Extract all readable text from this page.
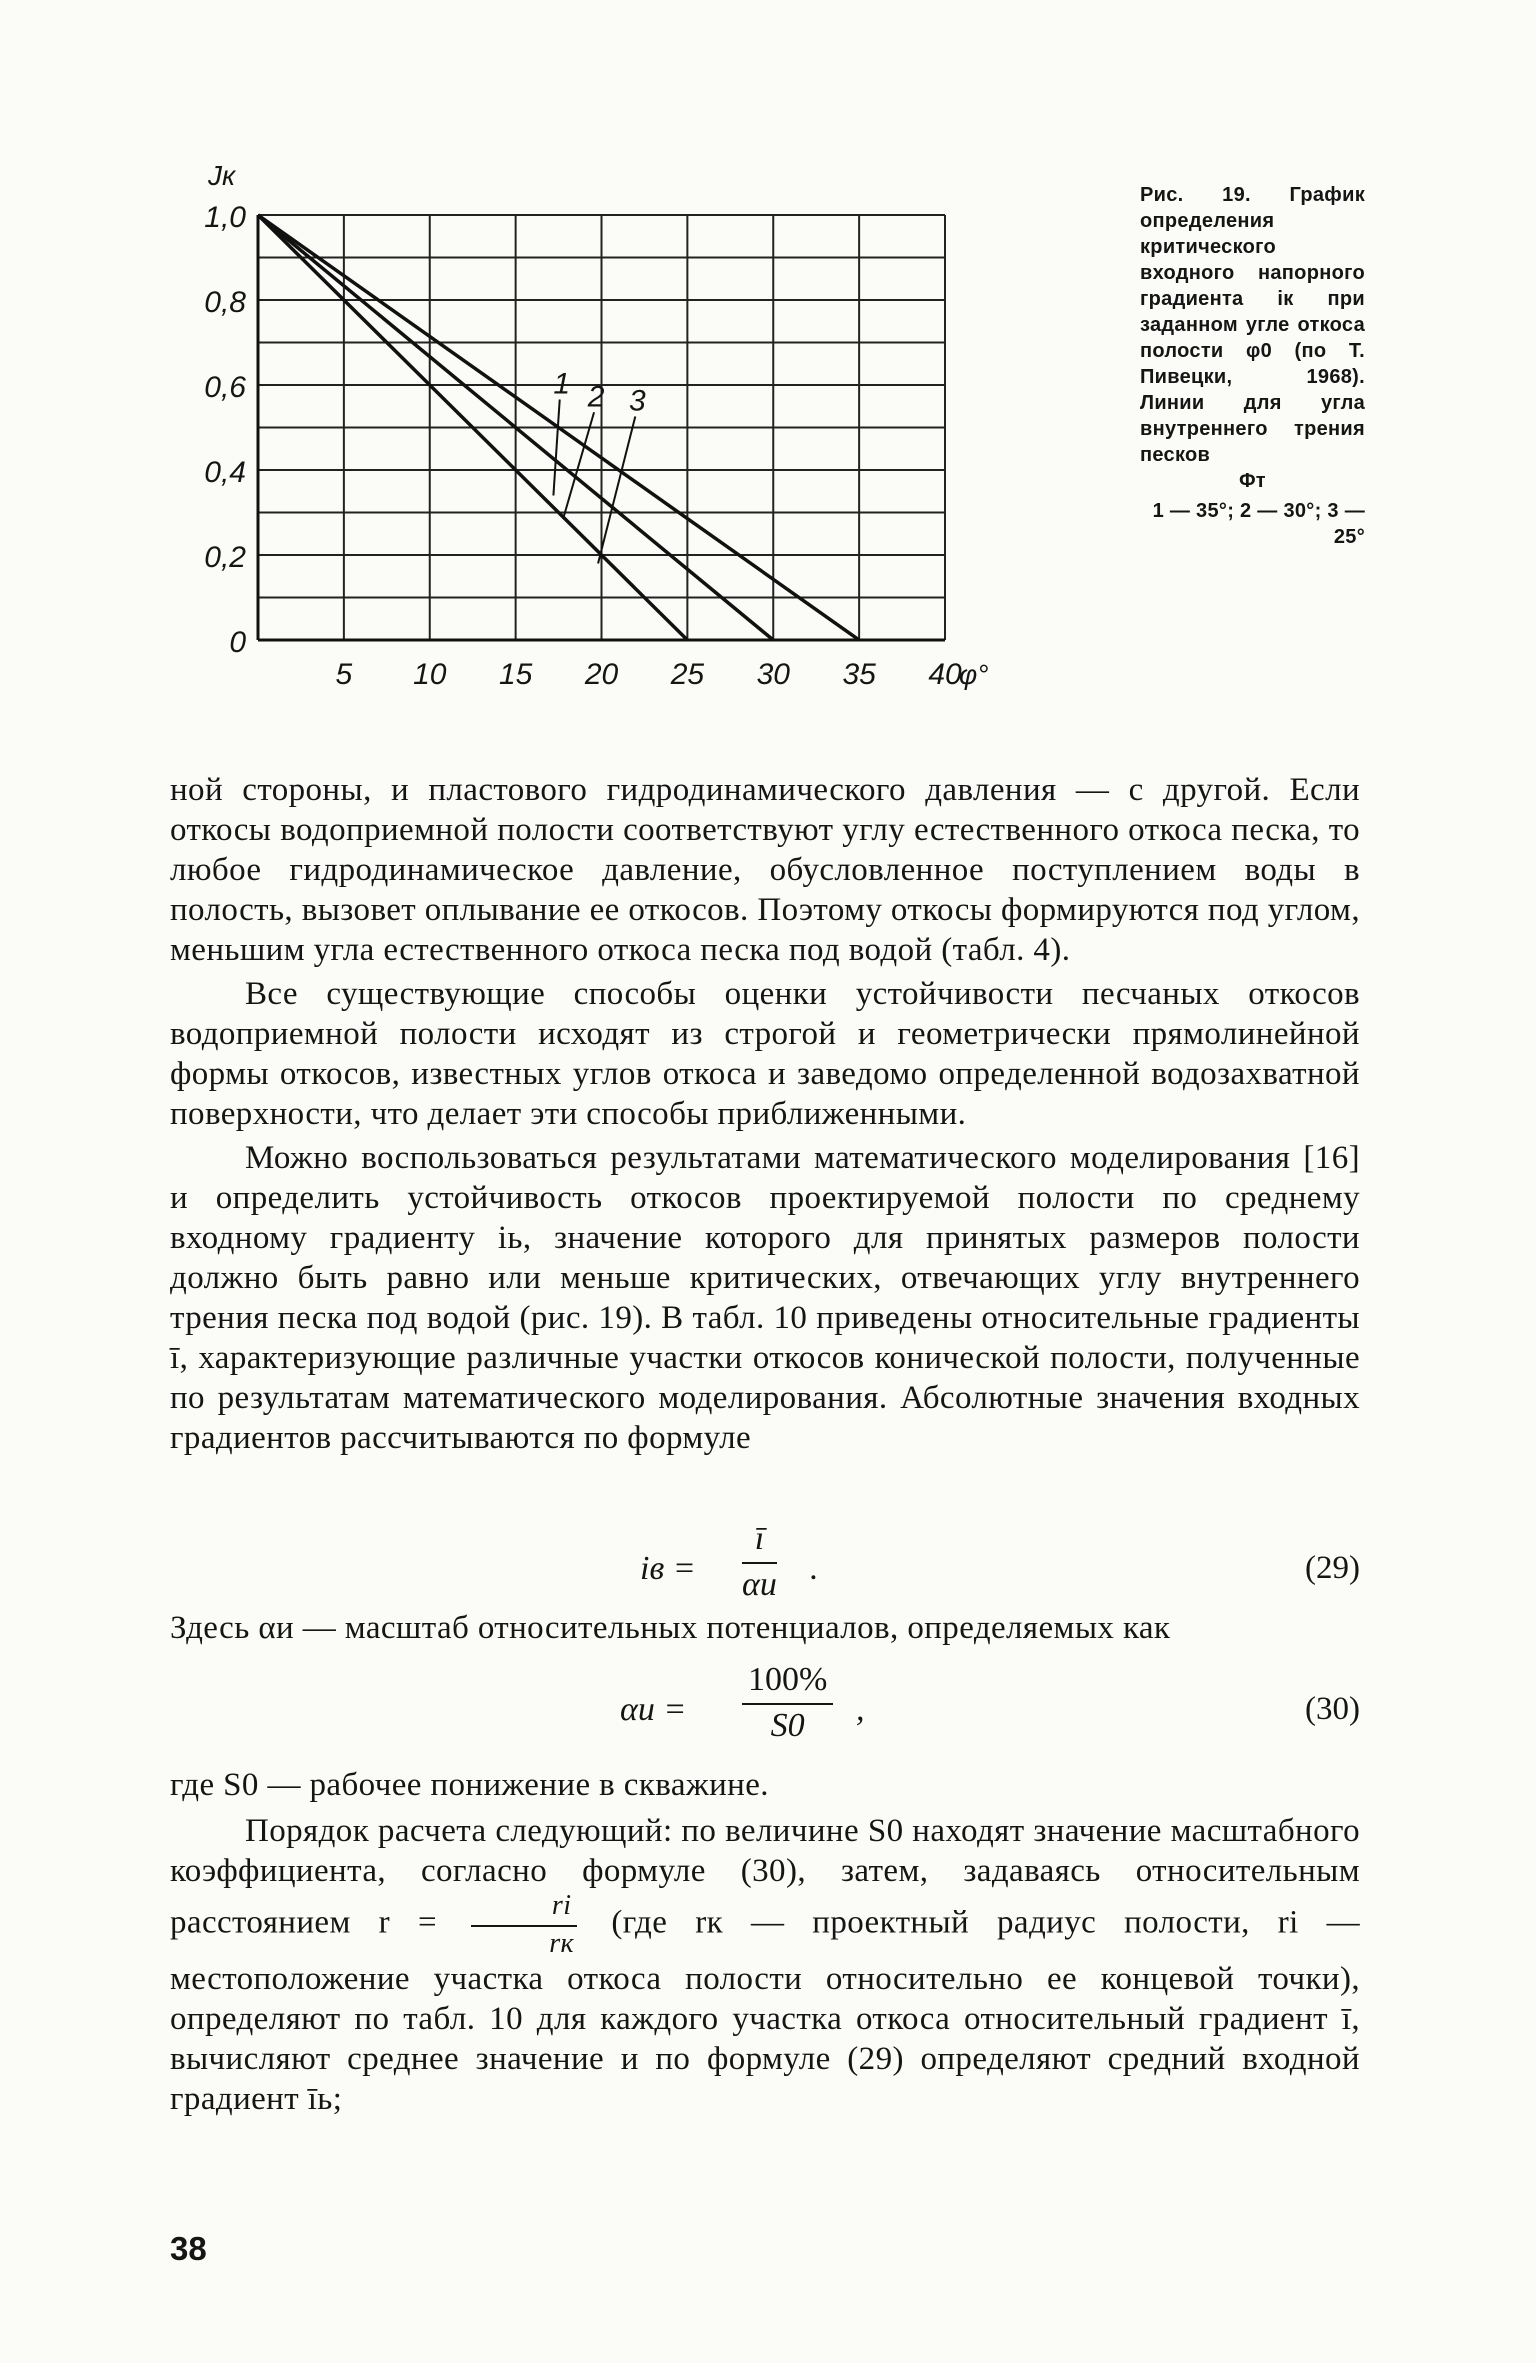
5 10 15 20 25 30 35 40
1,0
0,8
0,6
0,4
0,2
0
Jк
φ°
1 2 3
Рис. 19. График определения критического входного напорного градиента iк при заданном угле откоса полости φ0 (по Т. Пивецки, 1968). Линии для угла внутреннего трения песков
Φт
1 — 35°; 2 — 30°; 3 — 25°

ной стороны, и пластового гидродинамического давления — с другой. Если откосы водоприемной полости соответствуют углу естественного откоса песка, то любое гидродинамическое давление, обусловленное поступлением воды в полость, вызовет оплывание ее откосов. Поэтому откосы формируются под углом, меньшим угла естественного откоса песка под водой (табл. 4).

Все существующие способы оценки устойчивости песчаных откосов водоприемной полости исходят из строгой и геометрически прямолинейной формы откосов, известных углов откоса и заведомо определенной водозахватной поверхности, что делает эти способы приближенными.

Можно воспользоваться результатами математического моделирования [16] и определить устойчивость откосов проектируемой полости по среднему входному градиенту iь, значение которого для принятых размеров полости должно быть равно или меньше критических, отвечающих углу внутреннего трения песка под водой (рис. 19). В табл. 10 приведены относительные градиенты ī, характеризующие различные участки откосов конической полости, полученные по результатам математического моделирования. Абсолютные значения входных градиентов рассчитываются по формуле

iв =
ī
αи .	(29)

Здесь αи — масштаб относительных потенциалов, определяемых как

$\alpha и = \frac{100\%}{S0}$ ,	(30)

где S0 — рабочее понижение в скважине.

Порядок расчета следующий: по величине S0 находят значение масштабного коэффициента, согласно формуле (30), затем, задаваясь относительным расстоянием $r = \frac{ri}{rк} (где$ rк — проектный радиус полости, ri — местоположение участка откоса полости относительно ее концевой точки), определяют по табл. 10 для каждого участка откоса относительный градиент ī, вычисляют среднее значение и по формуле (29) определяют средний входной градиент īь;

38
